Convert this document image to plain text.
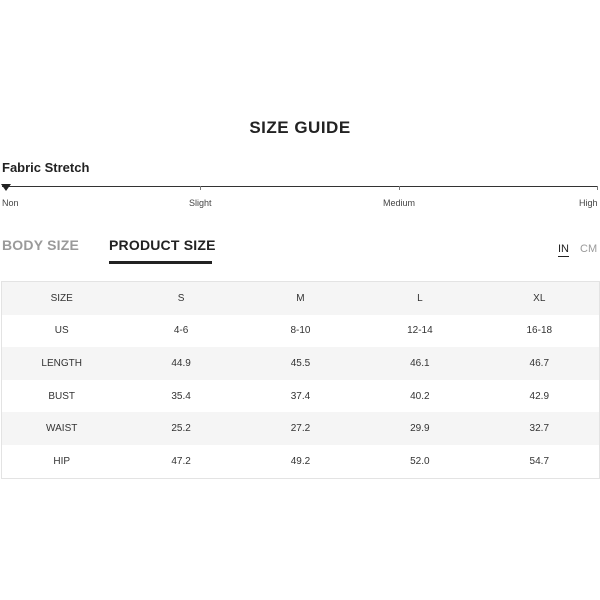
SIZE GUIDE
Fabric Stretch
Non	Slight	Medium	High
BODY SIZE PRODUCT SIZE	IN CM
SIZE	S	M	L	XL
US	4-6	8-10	12-14	16-18
LENGTH	44.9	45.5	46.1	46.7
BUST	35.4	37.4	40.2	42.9
WAIST	25.2	27.2	29.9	32.7
HIP	47.2	49.2	52.0	54.7
